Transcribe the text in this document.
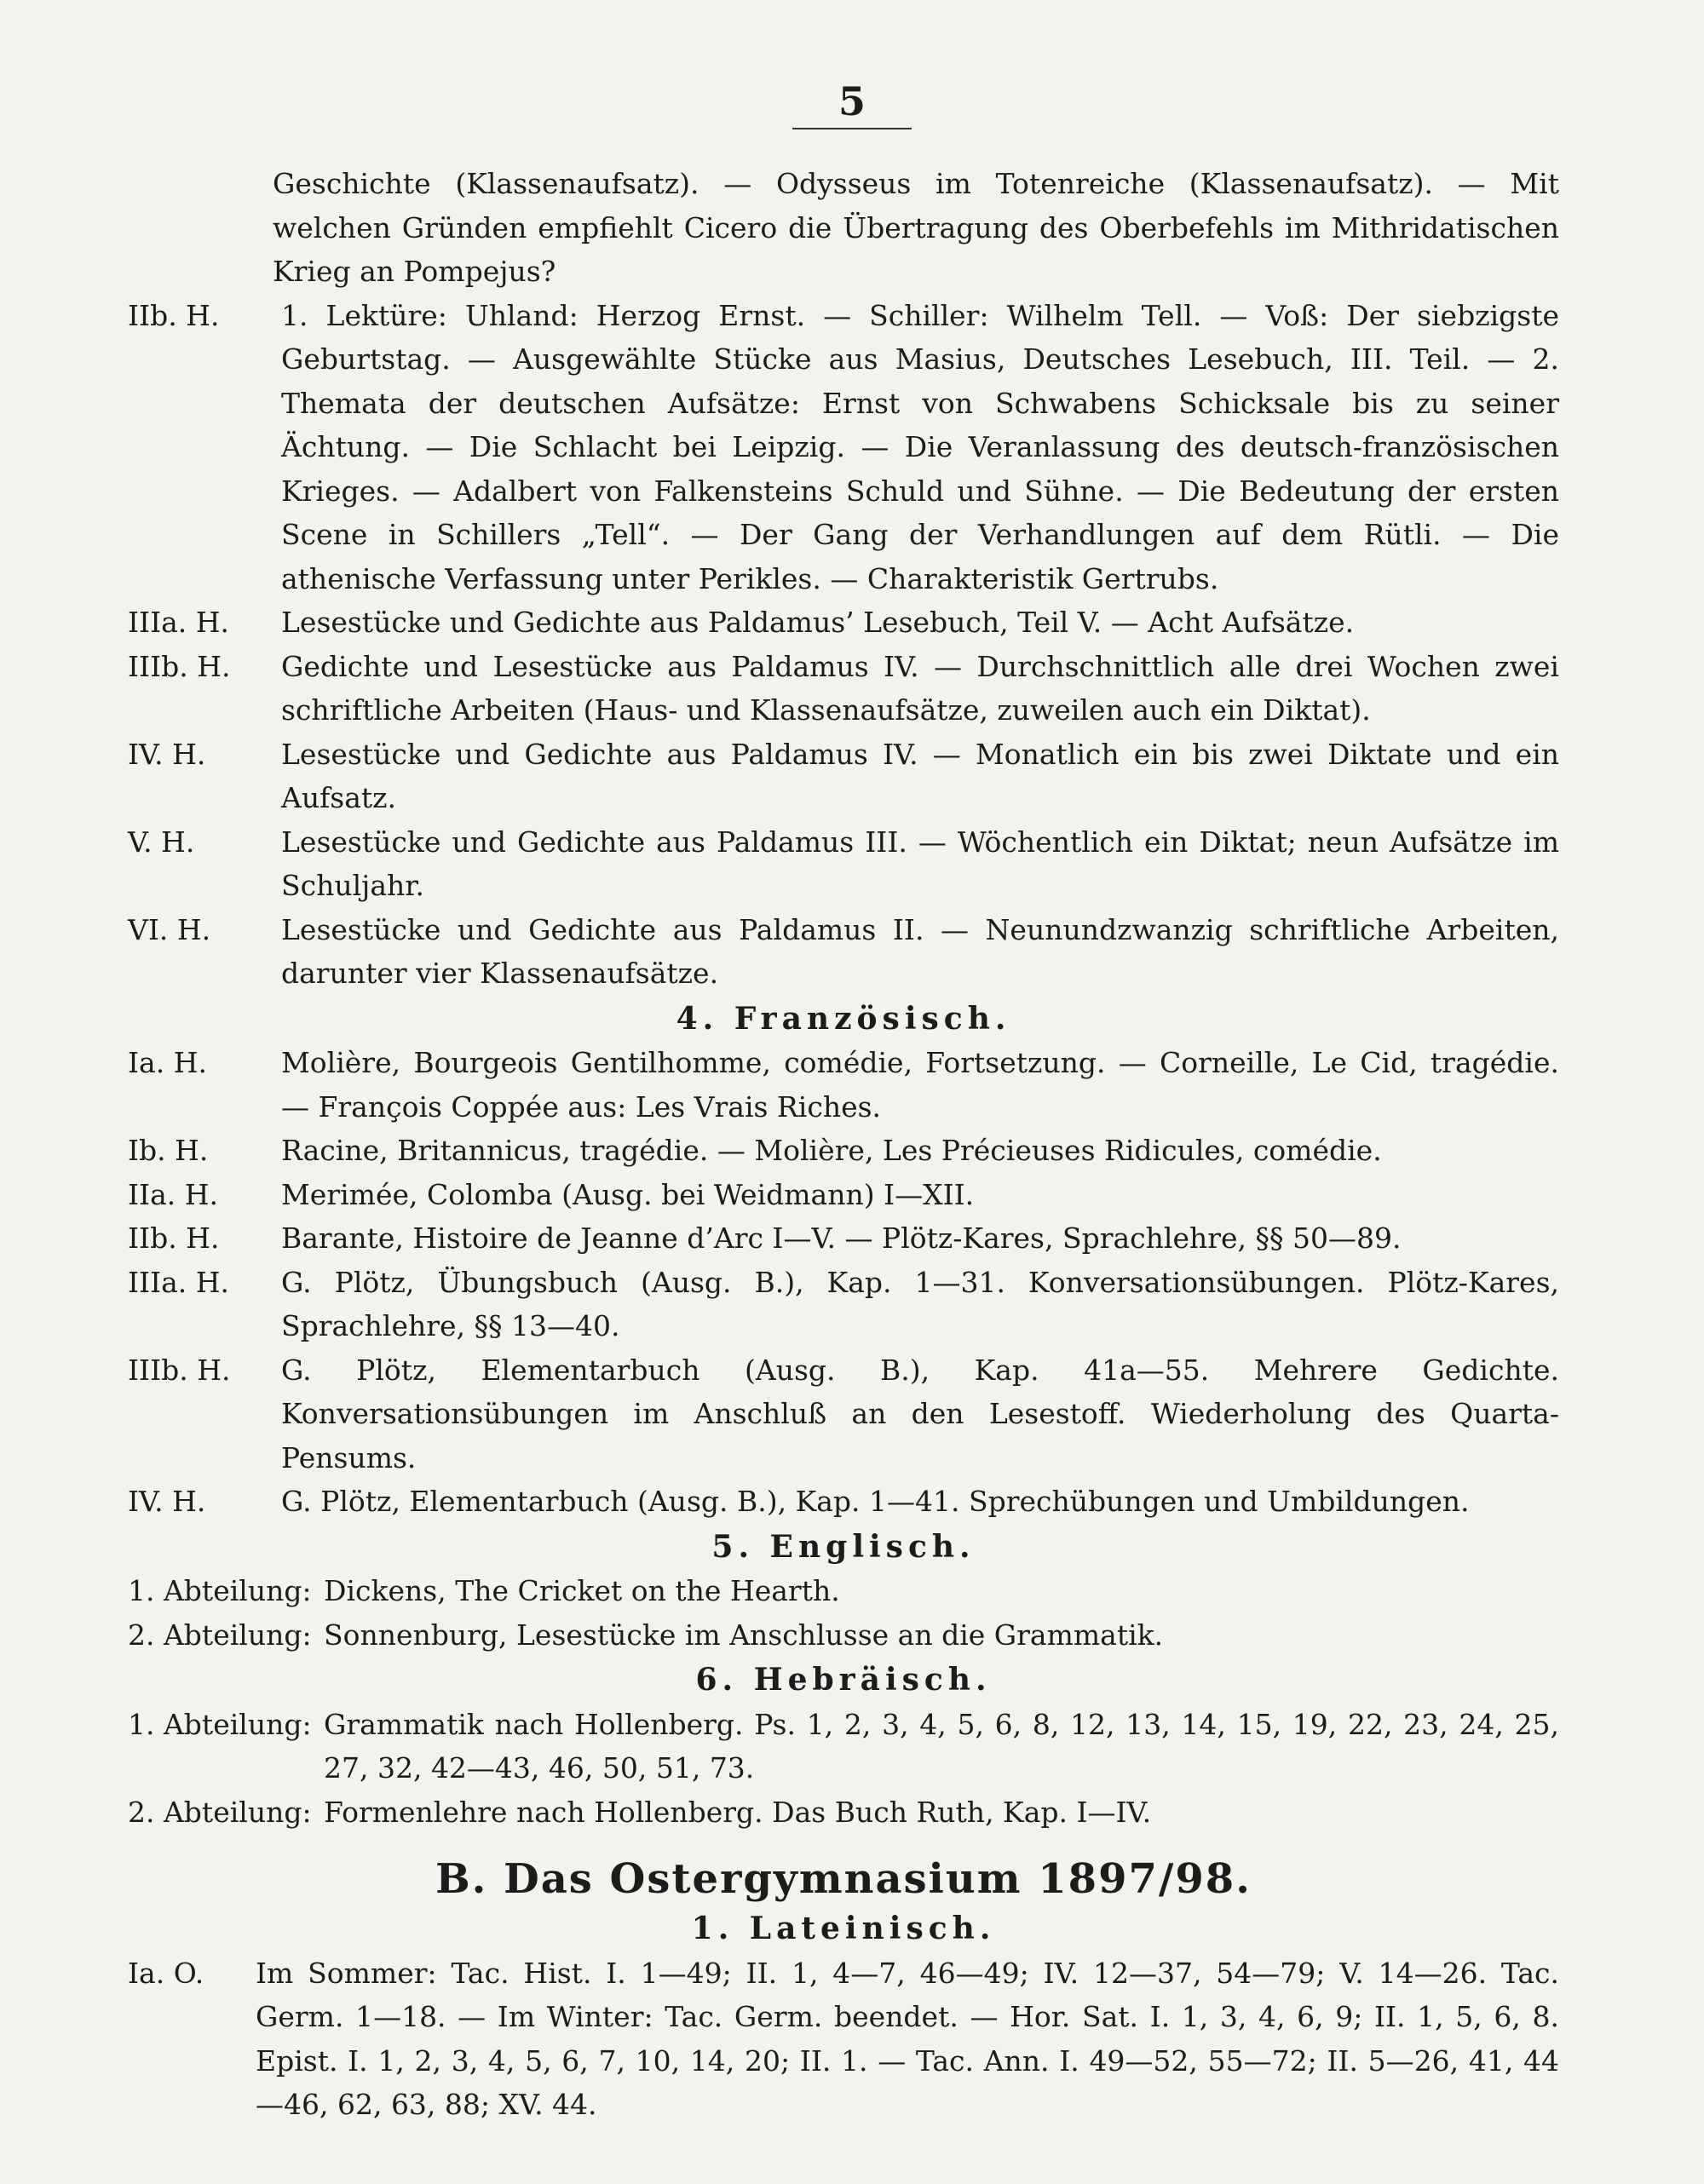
5
Geschichte (Klassenaufsatz). — Odysseus im Totenreiche (Klassenaufsatz). — Mit welchen Gründen empfiehlt Cicero die Übertragung des Oberbefehls im Mithridatischen Krieg an Pompejus?
IIb. H.	1. Lektüre: Uhland: Herzog Ernst. — Schiller: Wilhelm Tell. — Voß: Der siebzigste Geburtstag. — Ausgewählte Stücke aus Masius, Deutsches Lesebuch, III. Teil. — 2. Themata der deutschen Aufsätze: Ernst von Schwabens Schicksale bis zu seiner Ächtung. — Die Schlacht bei Leipzig. — Die Veranlassung des deutsch-französischen Krieges. — Adalbert von Falkensteins Schuld und Sühne. — Die Bedeutung der ersten Scene in Schillers „Tell“. — Der Gang der Verhandlungen auf dem Rütli. — Die athenische Verfassung unter Perikles. — Charakteristik Gertrubs.
IIIa. H.	Lesestücke und Gedichte aus Paldamus’ Lesebuch, Teil V. — Acht Aufsätze.
IIIb. H.	Gedichte und Lesestücke aus Paldamus IV. — Durchschnittlich alle drei Wochen zwei schriftliche Arbeiten (Haus- und Klassenaufsätze, zuweilen auch ein Diktat).
IV. H.	Lesestücke und Gedichte aus Paldamus IV. — Monatlich ein bis zwei Diktate und ein Aufsatz.
V. H.	Lesestücke und Gedichte aus Paldamus III. — Wöchentlich ein Diktat; neun Aufsätze im Schuljahr.
VI. H.	Lesestücke und Gedichte aus Paldamus II. — Neunundzwanzig schriftliche Arbeiten, darunter vier Klassenaufsätze.
4. Französisch.
Ia. H.	Molière, Bourgeois Gentilhomme, comédie, Fortsetzung. — Corneille, Le Cid, tragédie. — François Coppée aus: Les Vrais Riches.
Ib. H.	Racine, Britannicus, tragédie. — Molière, Les Précieuses Ridicules, comédie.
IIa. H.	Merimée, Colomba (Ausg. bei Weidmann) I—XII.
IIb. H.	Barante, Histoire de Jeanne d’Arc I—V. — Plötz-Kares, Sprachlehre, §§ 50—89.
IIIa. H.	G. Plötz, Übungsbuch (Ausg. B.), Kap. 1—31. Konversationsübungen. Plötz-Kares, Sprachlehre, §§ 13—40.
IIIb. H.	G. Plötz, Elementarbuch (Ausg. B.), Kap. 41a—55. Mehrere Gedichte. Konversationsübungen im Anschluß an den Lesestoff. Wiederholung des Quarta-Pensums.
IV. H.	G. Plötz, Elementarbuch (Ausg. B.), Kap. 1—41. Sprechübungen und Umbildungen.
5. Englisch.
1. Abteilung: Dickens, The Cricket on the Hearth.
2. Abteilung: Sonnenburg, Lesestücke im Anschlusse an die Grammatik.
6. Hebräisch.
1. Abteilung: Grammatik nach Hollenberg. Ps. 1, 2, 3, 4, 5, 6, 8, 12, 13, 14, 15, 19, 22, 23, 24, 25, 27, 32, 42—43, 46, 50, 51, 73.
2. Abteilung: Formenlehre nach Hollenberg. Das Buch Ruth, Kap. I—IV.
B. Das Ostergymnasium 1897/98.
1. Lateinisch.
Ia. O.	Im Sommer: Tac. Hist. I. 1—49; II. 1, 4—7, 46—49; IV. 12—37, 54—79; V. 14—26. Tac. Germ. 1—18. — Im Winter: Tac. Germ. beendet. — Hor. Sat. I. 1, 3, 4, 6, 9; II. 1, 5, 6, 8. Epist. I. 1, 2, 3, 4, 5, 6, 7, 10, 14, 20; II. 1. — Tac. Ann. I. 49—52, 55—72; II. 5—26, 41, 44—46, 62, 63, 88; XV. 44.
